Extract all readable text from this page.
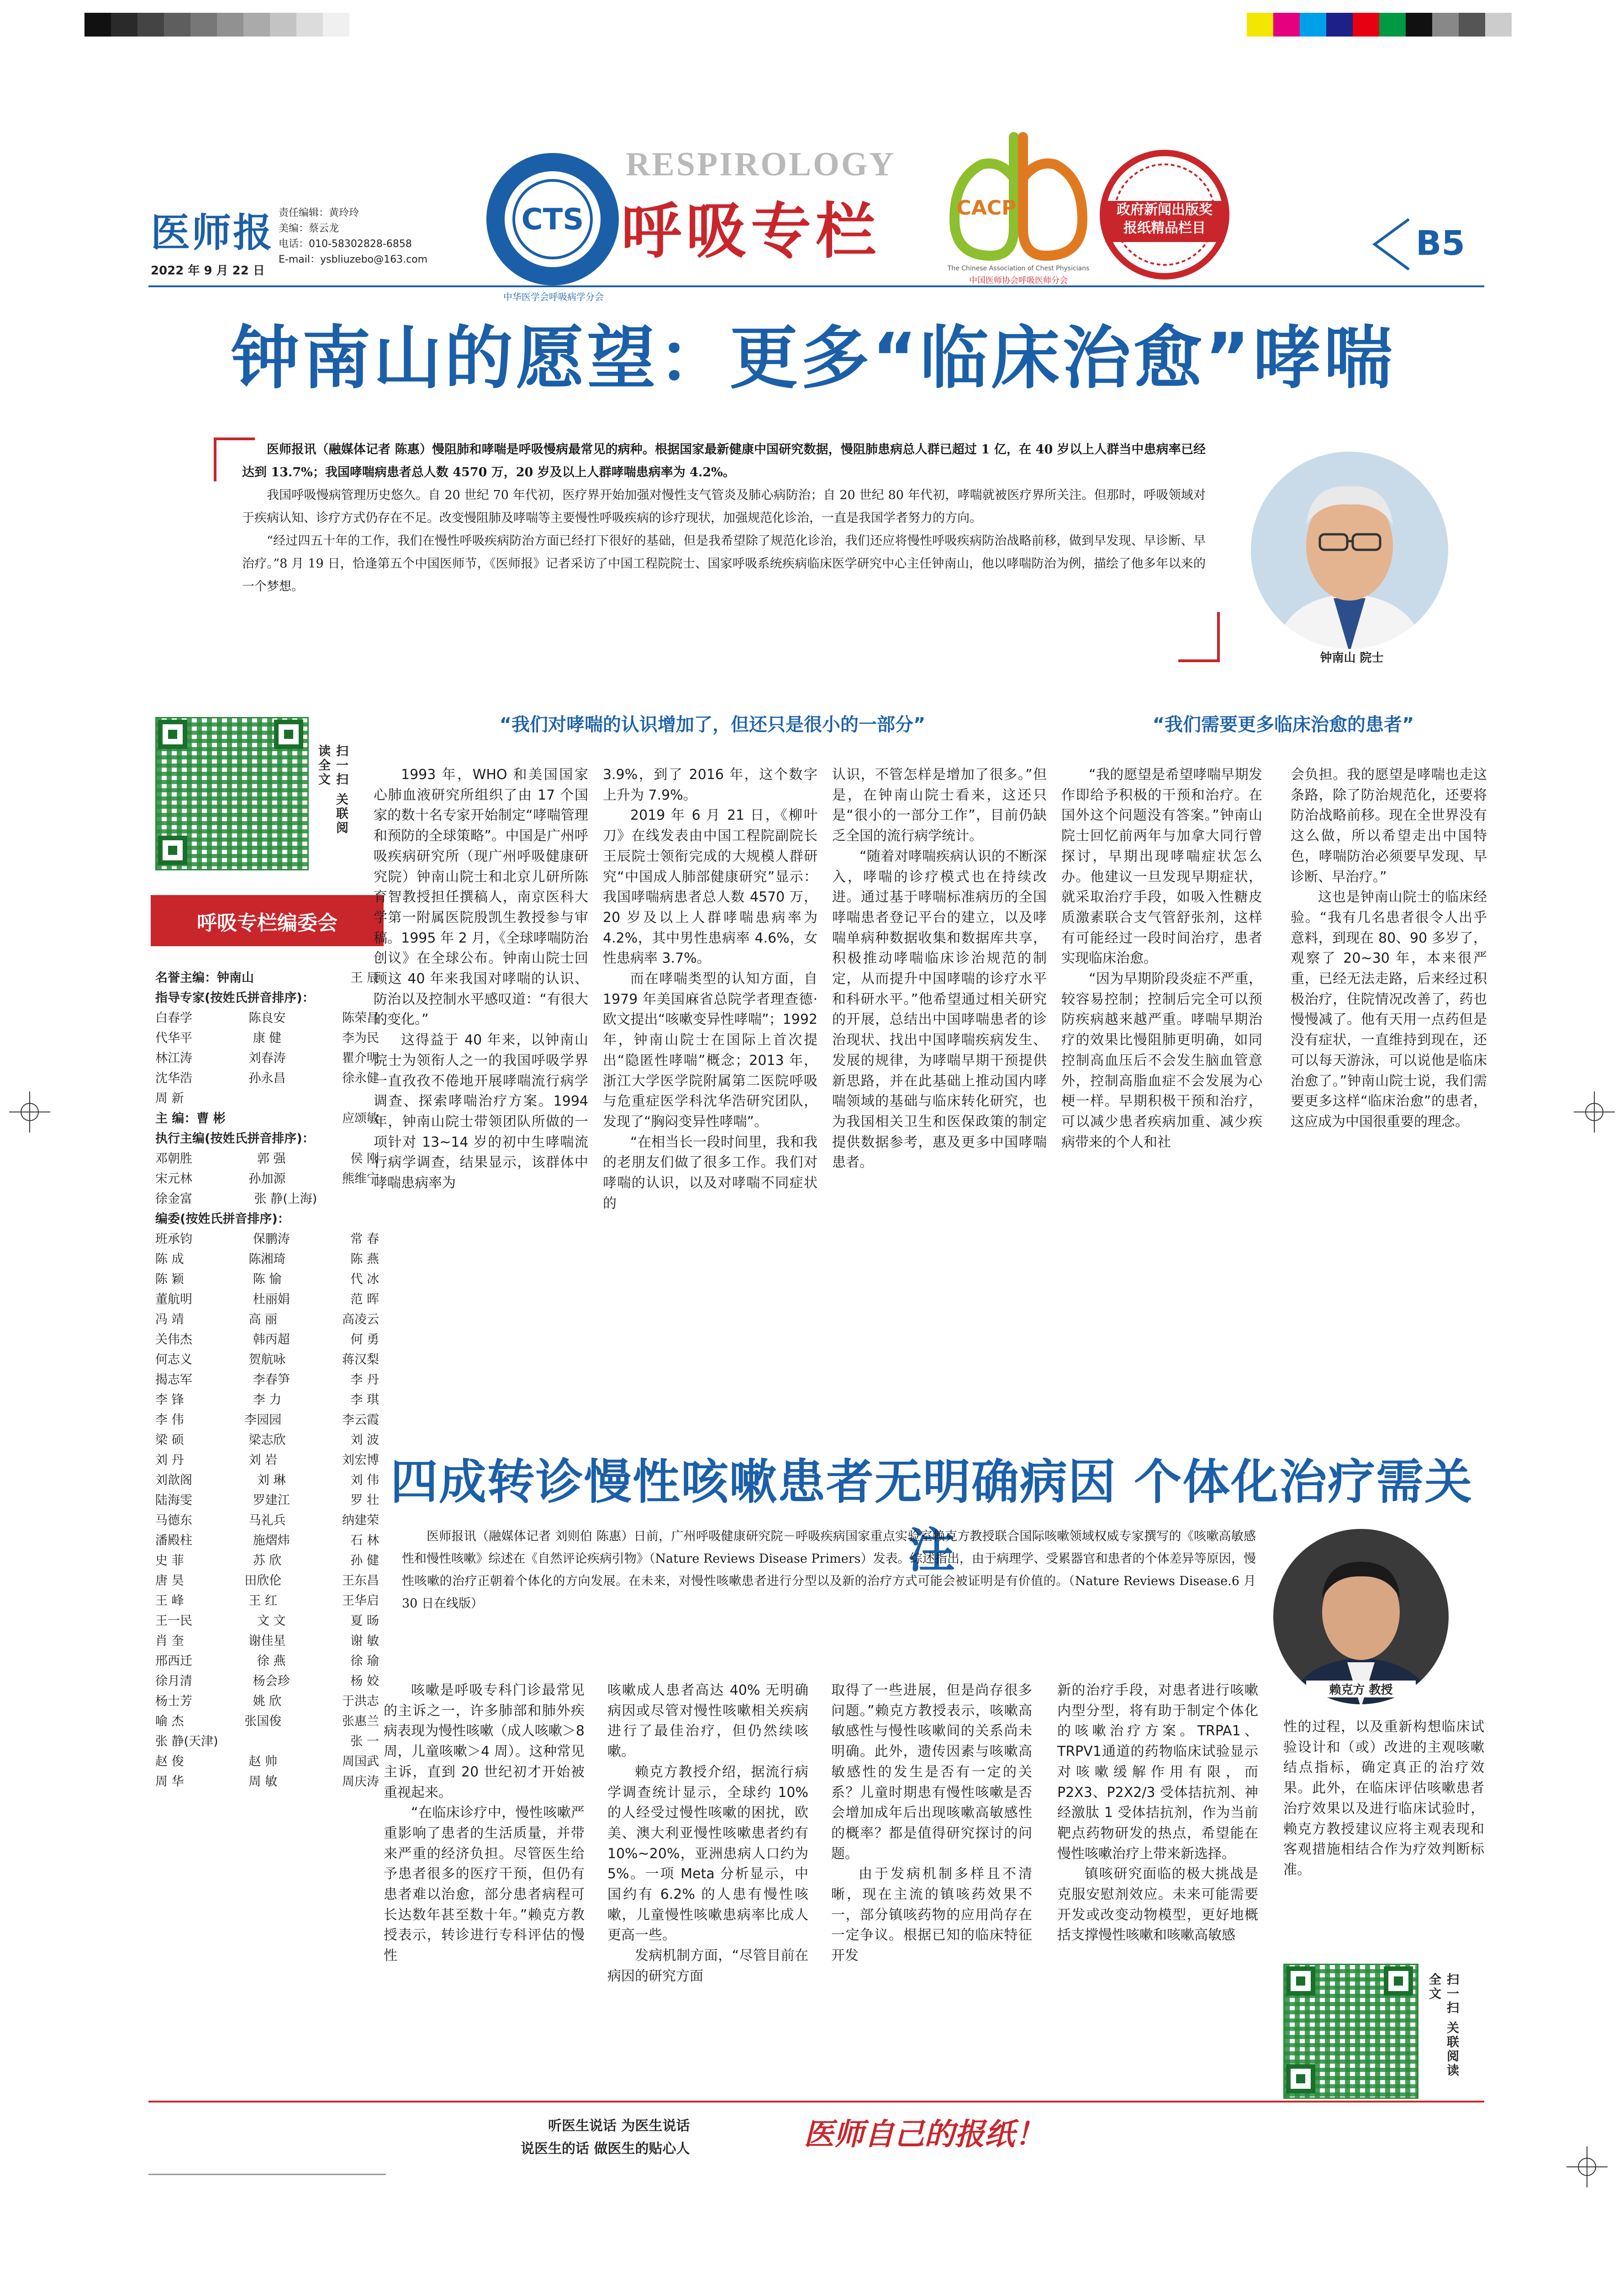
医师报 责任编辑：黄玲玲
美编：蔡云龙
电话：010-58302828-6858
E-mail：ysbliuzebo@163.com
2022 年 9 月 22 日
CTS
中华医学会呼吸病学分会
RESPIROLOGY
呼吸专栏	CACP
The Chinese Association of Chest Physicians
中国医师协会呼吸医师分会
政府新闻出版奖
报纸精品栏目	B5
钟南山的愿望：更多“临床治愈”哮喘

医师报讯（融媒体记者 陈惠）慢阻肺和哮喘是呼吸慢病最常见的病种。根据国家最新健康中国研究数据，慢阻肺患病总人群已超过 1 亿，在 40 岁以上人群当中患病率已经达到 13.7%；我国哮喘病患者总人数 4570 万，20 岁及以上人群哮喘患病率为 4.2%。

我国呼吸慢病管理历史悠久。自 20 世纪 70 年代初，医疗界开始加强对慢性支气管炎及肺心病防治；自 20 世纪 80 年代初，哮喘就被医疗界所关注。但那时，呼吸领域对于疾病认知、诊疗方式仍存在不足。改变慢阻肺及哮喘等主要慢性呼吸疾病的诊疗现状，加强规范化诊治，一直是我国学者努力的方向。

“经过四五十年的工作，我们在慢性呼吸疾病防治方面已经打下很好的基础，但是我希望除了规范化诊治，我们还应将慢性呼吸疾病防治战略前移，做到早发现、早诊断、早治疗。”8 月 19 日，恰逢第五个中国医师节，《医师报》记者采访了中国工程院院士、国家呼吸系统疾病临床医学研究中心主任钟南山，他以哮喘防治为例，描绘了他多年以来的一个梦想。

钟南山 院士
扫一扫 关联阅读全文
呼吸专栏编委会
名誉主编：钟南山	王 辰
指导专家(按姓氏拼音排序)：
白春学	陈良安	陈荣昌
代华平	康 健	李为民
林江涛	刘春涛	瞿介明
沈华浩	孙永昌	徐永健
周 新
主 编：曹 彬	应颂敏
执行主编(按姓氏拼音排序)：
邓朝胜	郭 强	侯 刚
宋元林	孙加源	熊维宁
徐金富	张 静(上海)
编委(按姓氏拼音排序)：
班承钧	保鹏涛	常 春
陈 成	陈湘琦	陈 燕
陈 颖	陈 愉	代 冰
董航明	杜丽娟	范 晖
冯 靖	高 丽	高凌云
关伟杰	韩丙超	何 勇
何志义	贺航咏	蒋汉梨
揭志军	李春笋	李 丹
李 锋	李 力	李 琪
李 伟	李园园	李云霞
梁 硕	梁志欣	刘 波
刘 丹	刘 岩	刘宏博
刘歆阁	刘 琳	刘 伟
陆海雯	罗建江	罗 壮
马德东	马礼兵	纳建荣
潘殿柱	施熠炜	石 林
史 菲	苏 欣	孙 健
唐 昊	田欣伦	王东昌
王 峰	王 红	王华启
王一民	文 文	夏 旸
肖 奎	谢佳星	谢 敏
邢西迁	徐 燕	徐 瑜
徐月清	杨会珍	杨 姣
杨士芳	姚 欣	于洪志
喻 杰	张国俊	张惠兰
张 静(天津)	张 一
赵 俊	赵 帅	周国武
周 华	周 敏	周庆涛
“我们对哮喘的认识增加了，但还只是很小的一部分”	“我们需要更多临床治愈的患者”

1993 年，WHO 和美国国家心肺血液研究所组织了由 17 个国家的数十名专家开始制定“哮喘管理和预防的全球策略”。中国是广州呼吸疾病研究所（现广州呼吸健康研究院）钟南山院士和北京儿研所陈育智教授担任撰稿人，南京医科大学第一附属医院殷凯生教授参与审稿。1995 年 2 月，《全球哮喘防治创议》在全球公布。钟南山院士回顾这 40 年来我国对哮喘的认识、防治以及控制水平感叹道：“有很大的变化。”

这得益于 40 年来，以钟南山院士为领衔人之一的我国呼吸学界一直孜孜不倦地开展哮喘流行病学调查、探索哮喘治疗方案。1994 年，钟南山院士带领团队所做的一项针对 13~14 岁的初中生哮喘流行病学调查，结果显示，该群体中哮喘患病率为

3.9%，到了 2016 年，这个数字上升为 7.9%。

2019 年 6 月 21 日，《柳叶刀》在线发表由中国工程院副院长王辰院士领衔完成的大规模人群研究“中国成人肺部健康研究”显示：我国哮喘病患者总人数 4570 万，20 岁及以上人群哮喘患病率为 4.2%，其中男性患病率 4.6%，女性患病率 3.7%。

而在哮喘类型的认知方面，自 1979 年美国麻省总院学者理查德·欧文提出“咳嗽变异性哮喘”；1992 年，钟南山院士在国际上首次提出“隐匿性哮喘”概念；2013 年，浙江大学医学院附属第二医院呼吸与危重症医学科沈华浩研究团队，发现了“胸闷变异性哮喘”。

“在相当长一段时间里，我和我的老朋友们做了很多工作。我们对哮喘的认识，以及对哮喘不同症状的

认识，不管怎样是增加了很多。”但是，在钟南山院士看来，这还只是“很小的一部分工作”，目前仍缺乏全国的流行病学统计。

“随着对哮喘疾病认识的不断深入，哮喘的诊疗模式也在持续改进。通过基于哮喘标准病历的全国哮喘患者登记平台的建立，以及哮喘单病种数据收集和数据库共享，积极推动哮喘临床诊治规范的制定，从而提升中国哮喘的诊疗水平和科研水平。”他希望通过相关研究的开展，总结出中国哮喘患者的诊治现状、找出中国哮喘疾病发生、发展的规律，为哮喘早期干预提供新思路，并在此基础上推动国内哮喘领域的基础与临床转化研究，也为我国相关卫生和医保政策的制定提供数据参考，惠及更多中国哮喘患者。

“我的愿望是希望哮喘早期发作即给予积极的干预和治疗。在国外这个问题没有答案。”钟南山院士回忆前两年与加拿大同行曾探讨，早期出现哮喘症状怎么办。他建议一旦发现早期症状，就采取治疗手段，如吸入性糖皮质激素联合支气管舒张剂，这样有可能经过一段时间治疗，患者实现临床治愈。

“因为早期阶段炎症不严重，较容易控制；控制后完全可以预防疾病越来越严重。哮喘早期治疗的效果比慢阻肺更明确，如同控制高血压后不会发生脑血管意外，控制高脂血症不会发展为心梗一样。早期积极干预和治疗，可以减少患者疾病加重、减少疾病带来的个人和社

会负担。我的愿望是哮喘也走这条路，除了防治规范化，还要将防治战略前移。现在全世界没有这么做，所以希望走出中国特色，哮喘防治必须要早发现、早诊断、早治疗。”

这也是钟南山院士的临床经验。“我有几名患者很令人出乎意料，到现在 80、90 多岁了，观察了 20~30 年，本来很严重，已经无法走路，后来经过积极治疗，住院情况改善了，药也慢慢减了。他有天用一点药但是没有症状，一直维持到现在，还可以每天游泳，可以说他是临床治愈了。”钟南山院士说，我们需要更多这样“临床治愈”的患者，这应成为中国很重要的理念。

四成转诊慢性咳嗽患者无明确病因 个体化治疗需关注

医师报讯（融媒体记者 刘则伯 陈惠）日前，广州呼吸健康研究院－呼吸疾病国家重点实验室赖克方教授联合国际咳嗽领域权威专家撰写的《咳嗽高敏感性和慢性咳嗽》综述在《自然评论疾病引物》（Nature Reviews Disease Primers）发表。综述指出，由于病理学、受累器官和患者的个体差异等原因，慢性咳嗽的治疗正朝着个体化的方向发展。在未来，对慢性咳嗽患者进行分型以及新的治疗方式可能会被证明是有价值的。（Nature Reviews Disease.6 月 30 日在线版）

赖克方 教授

咳嗽是呼吸专科门诊最常见的主诉之一，许多肺部和肺外疾病表现为慢性咳嗽（成人咳嗽＞8 周，儿童咳嗽＞4 周）。这种常见主诉，直到 20 世纪初才开始被重视起来。

“在临床诊疗中，慢性咳嗽严重影响了患者的生活质量，并带来严重的经济负担。尽管医生给予患者很多的医疗干预，但仍有患者难以治愈，部分患者病程可长达数年甚至数十年。”赖克方教授表示，转诊进行专科评估的慢性

咳嗽成人患者高达 40% 无明确病因或尽管对慢性咳嗽相关疾病进行了最佳治疗，但仍然续咳嗽。

赖克方教授介绍，据流行病学调查统计显示，全球约 10% 的人经受过慢性咳嗽的困扰，欧美、澳大利亚慢性咳嗽患者约有 10%~20%，亚洲患病人口约为 5%。一项 Meta 分析显示，中国约有 6.2% 的人患有慢性咳嗽，儿童慢性咳嗽患病率比成人更高一些。

发病机制方面，“尽管目前在病因的研究方面

取得了一些进展，但是尚存很多问题。”赖克方教授表示，咳嗽高敏感性与慢性咳嗽间的关系尚未明确。此外，遗传因素与咳嗽高敏感性的发生是否有一定的关系？儿童时期患有慢性咳嗽是否会增加成年后出现咳嗽高敏感性的概率？都是值得研究探讨的问题。

由于发病机制多样且不清晰，现在主流的镇咳药效果不一，部分镇咳药物的应用尚存在一定争议。根据已知的临床特征开发

新的治疗手段，对患者进行咳嗽内型分型，将有助于制定个体化的咳嗽治疗方案。TRPA1、TRPV1通道的药物临床试验显示对咳嗽缓解作用有限，而 P2X3、P2X2/3 受体拮抗剂、神经激肽 1 受体拮抗剂，作为当前靶点药物研发的热点，希望能在慢性咳嗽治疗上带来新选择。

镇咳研究面临的极大挑战是克服安慰剂效应。未来可能需要开发或改变动物模型，更好地概括支撑慢性咳嗽和咳嗽高敏感

性的过程，以及重新构想临床试验设计和（或）改进的主观咳嗽结点指标，确定真正的治疗效果。此外，在临床评估咳嗽患者治疗效果以及进行临床试验时，赖克方教授建议应将主观表现和客观措施相结合作为疗效判断标准。

扫一扫 关联阅读全文
听医生说话 为医生说话
说医生的话 做医生的贴心人	医师自己的报纸！
